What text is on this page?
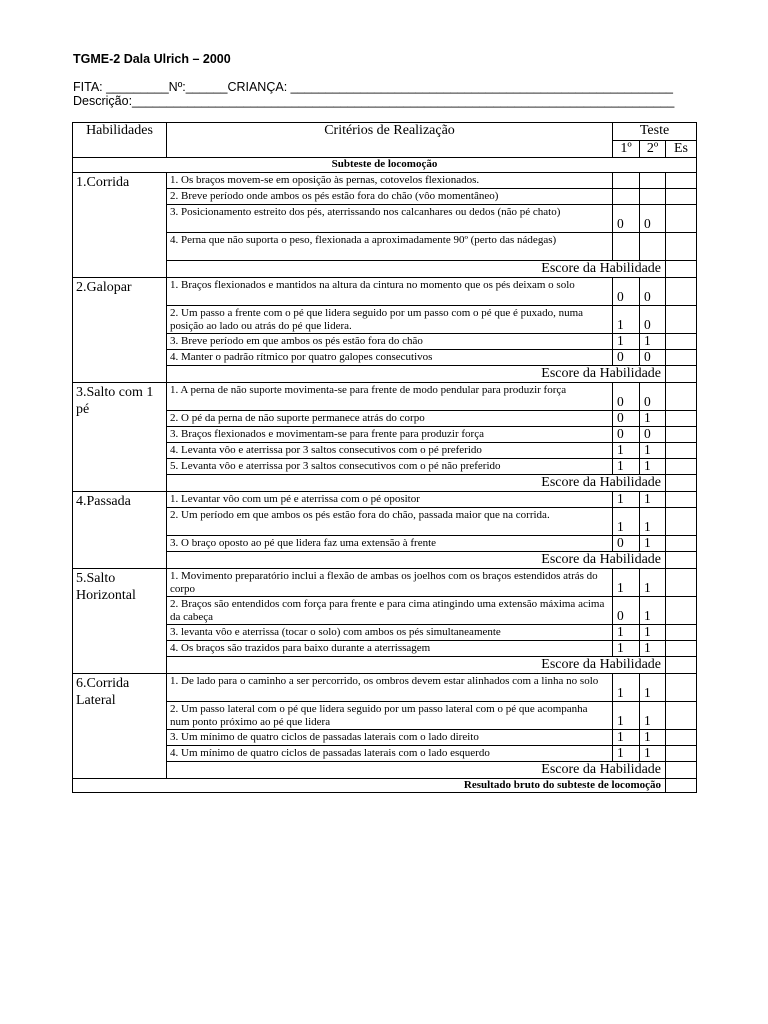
TGME-2 Dala Ulrich – 2000
FITA: _________Nº:______CRIANÇA: _______________________________________________________
Descrição:______________________________________________________________________________
Habilidades	Critérios de Realização	Teste		
		1º	2º	Es
Subteste de locomoção				
1.Corrida	1. Os braços movem-se em oposição às pernas, cotovelos flexionados.			
	2. Breve período onde ambos os pés estão fora do chão (vôo momentâneo)			
	3. Posicionamento estreito dos pés, aterrissando nos calcanhares ou dedos (não pé chato)	0	0	
	4. Perna que não suporta o peso, flexionada a aproximadamente 90º (perto das nádegas)			
	Escore da Habilidade			
2.Galopar	1. Braços flexionados e mantidos na altura da cintura no momento que os pés deixam o solo	0	0	
	2. Um passo a frente com o pé que lidera seguido por um passo com o pé que é puxado, numa posição ao lado ou atrás do pé que lidera.	1	0	
	3. Breve período em que ambos os pés estão fora do chão	1	1	
	4. Manter o padrão rítmico por quatro galopes consecutivos	0	0	
	Escore da Habilidade			
3.Salto com 1 pé	1. A perna de não suporte movimenta-se para frente de modo pendular para produzir força	0	0	
	2. O pé da perna de não suporte permanece atrás do corpo	0	1	
	3. Braços flexionados e movimentam-se para frente para produzir força	0	0	
	4. Levanta vôo e aterrissa por 3 saltos consecutivos com o pé preferido	1	1	
	5. Levanta vôo e aterrissa por 3 saltos consecutivos com o pé não preferido	1	1	
	Escore da Habilidade			
4.Passada	1. Levantar vôo com um pé e aterrissa com o pé opositor	1	1	
	2. Um período em que ambos os pés estão fora do chão, passada maior que na corrida.	1	1	
	3. O braço oposto ao pé que lidera faz uma extensão à frente	0	1	
	Escore da Habilidade			
5.Salto Horizontal	1. Movimento preparatório inclui a flexão de ambas os joelhos com os braços estendidos atrás do corpo	1	1	
	2. Braços são entendidos com força para frente e para cima atingindo uma extensão máxima acima da cabeça	0	1	
	3. levanta vôo e aterrissa (tocar o solo) com ambos os pés simultaneamente	1	1	
	4. Os braços são trazidos para baixo durante a aterrissagem	1	1	
	Escore da Habilidade			
6.Corrida Lateral	1. De lado para o caminho a ser percorrido, os ombros devem estar alinhados com a linha no solo	1	1	
	2. Um passo lateral com o pé que lidera seguido por um passo lateral com o pé que acompanha num ponto próximo ao pé que lidera	1	1	
	3. Um mínimo de quatro ciclos de passadas laterais com o lado direito	1	1	
	4. Um mínimo de quatro ciclos de passadas laterais com o lado esquerdo	1	1	
	Escore da Habilidade			
Resultado bruto do subteste de locomoção				
